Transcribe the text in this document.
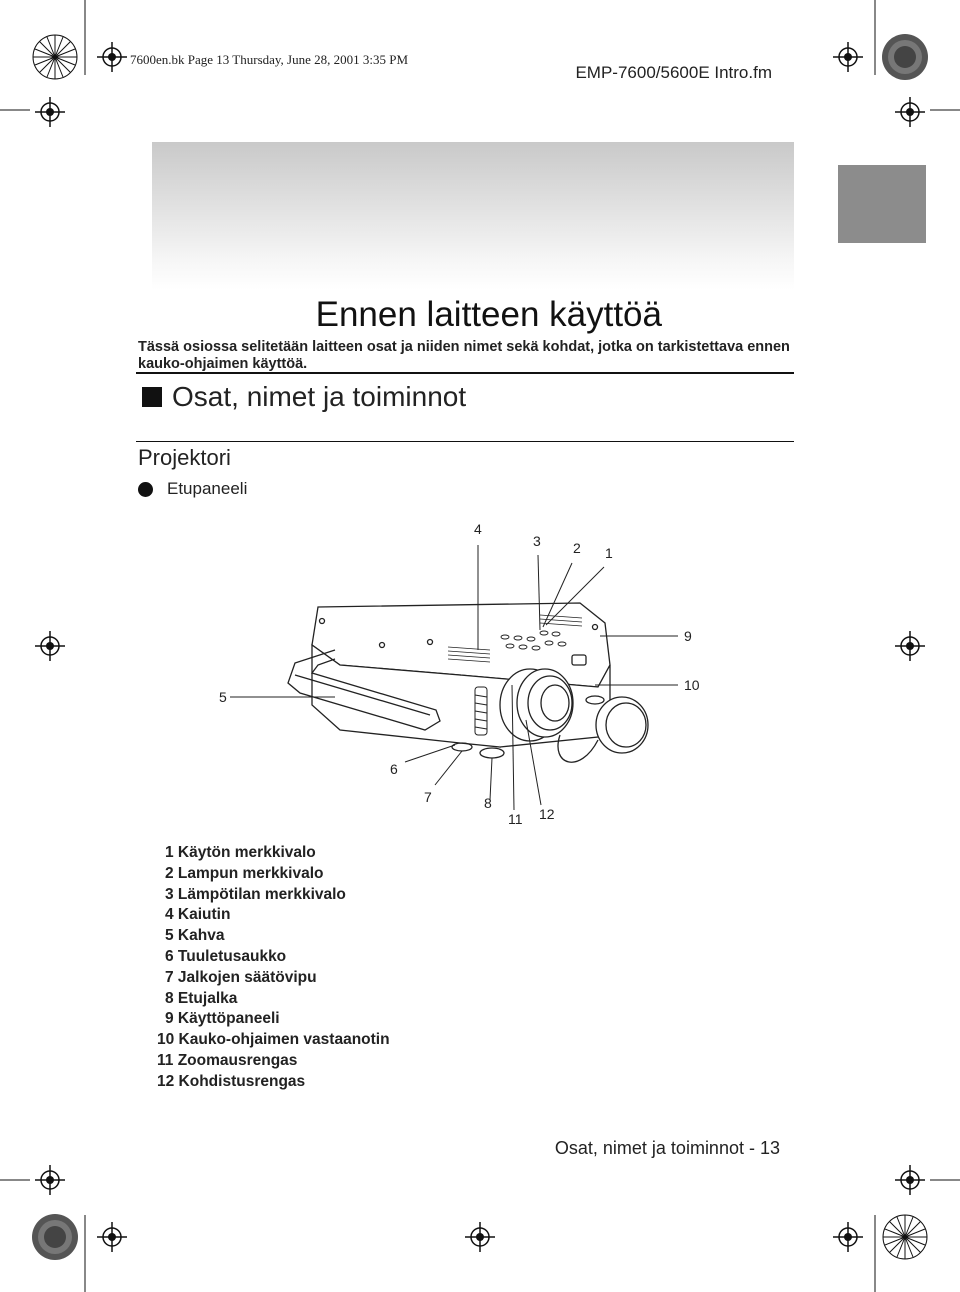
7600en.bk Page 13 Thursday, June 28, 2001 3:35 PM
EMP-7600/5600E Intro.fm
Ennen laitteen käyttöä
Tässä osiossa selitetään laitteen osat ja niiden nimet sekä kohdat, jotka on tarkistettava ennen kauko-ohjaimen käyttöä.
Osat, nimet ja toiminnot
Projektori
Etupaneeli
4
3 2 1
9
10
5
6
7	8
11 12
1 Käytön merkkivalo
2 Lampun merkkivalo
3 Lämpötilan merkkivalo
4 Kaiutin
5 Kahva
6 Tuuletusaukko
7 Jalkojen säätövipu
8 Etujalka
9 Käyttöpaneeli
10 Kauko-ohjaimen vastaanotin
11 Zoomausrengas
12 Kohdistusrengas
Osat, nimet ja toiminnot - 13
